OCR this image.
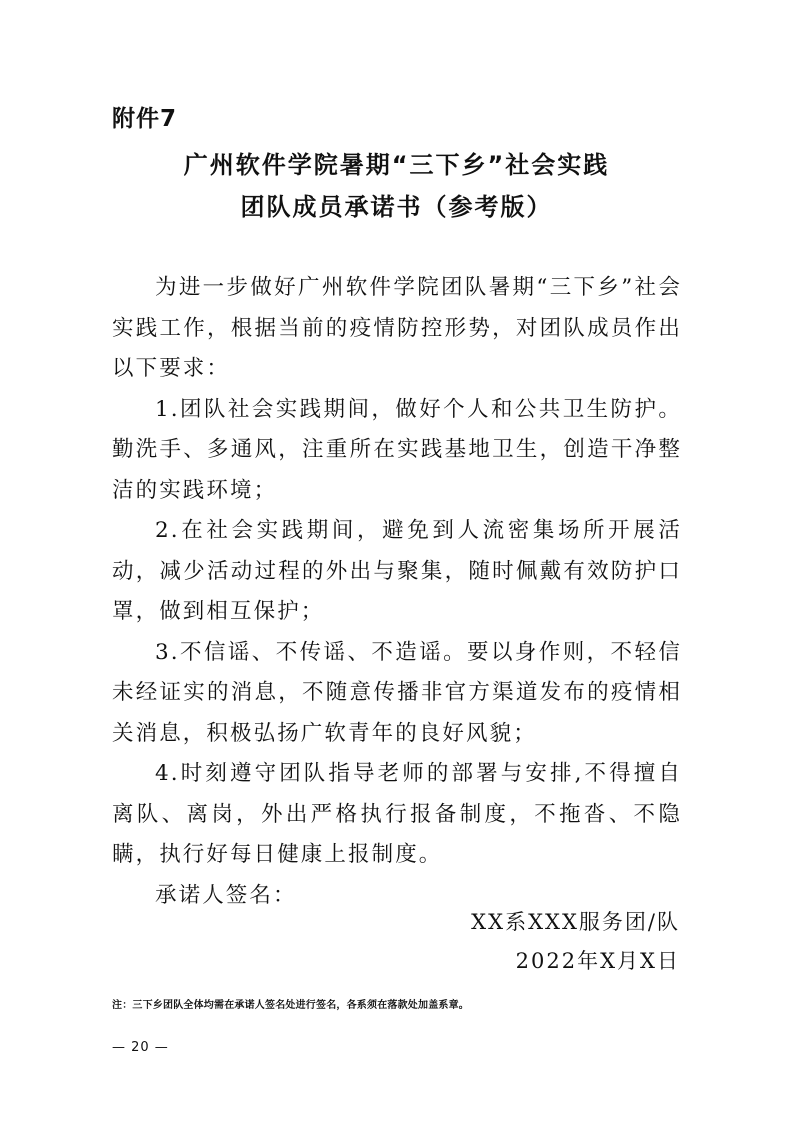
附件7
广州软件学院暑期“三下乡”社会实践
团队成员承诺书（参考版）

为进一步做好广州软件学院团队暑期“三下乡”社会实践工作，根据当前的疫情防控形势，对团队成员作出以下要求：

1.团队社会实践期间，做好个人和公共卫生防护。勤洗手、多通风，注重所在实践基地卫生，创造干净整洁的实践环境；

2.在社会实践期间，避免到人流密集场所开展活动，减少活动过程的外出与聚集，随时佩戴有效防护口罩，做到相互保护；

3.不信谣、不传谣、不造谣。要以身作则，不轻信未经证实的消息，不随意传播非官方渠道发布的疫情相关消息，积极弘扬广软青年的良好风貌；

4.时刻遵守团队指导老师的部署与安排,不得擅自离队、离岗，外出严格执行报备制度，不拖沓、不隐瞒，执行好每日健康上报制度。

承诺人签名：

XX系XXX服务团/队
2022年X月X日
注：三下乡团队全体均需在承诺人签名处进行签名，各系须在落款处加盖系章。
— 20 —
